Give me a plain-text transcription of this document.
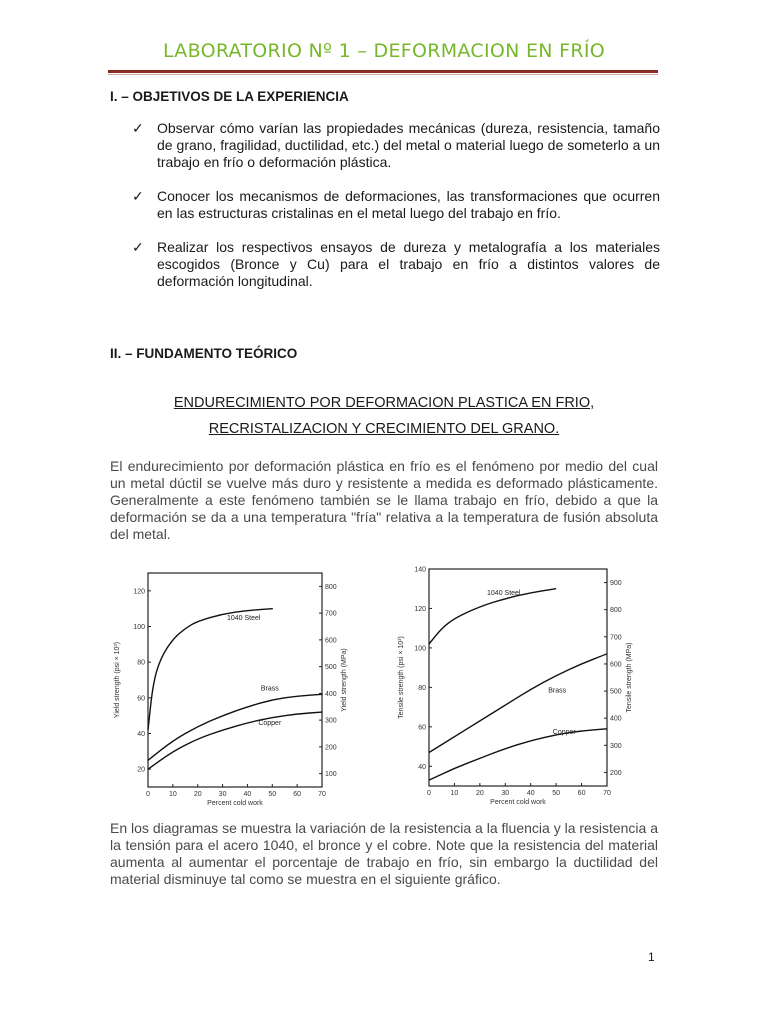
LABORATORIO Nº 1 – DEFORMACION EN FRÍO
I. – OBJETIVOS DE LA EXPERIENCIA
✓ Observar cómo varían las propiedades mecánicas (dureza, resistencia, tamaño de grano, fragilidad, ductilidad, etc.) del metal o material luego de someterlo a un trabajo en frío o deformación plástica.
✓ Conocer los mecanismos de deformaciones, las transformaciones que ocurren en las estructuras cristalinas en el metal luego del trabajo en frío.
✓ Realizar los respectivos ensayos de dureza y metalografía a los materiales escogidos (Bronce y Cu) para el trabajo en frío a distintos valores de deformación longitudinal.
II. – FUNDAMENTO TEÓRICO
ENDURECIMIENTO POR DEFORMACION PLASTICA EN FRIO,
RECRISTALIZACION Y CRECIMIENTO DEL GRANO.
El endurecimiento por deformación plástica en frío es el fenómeno por medio del cual un metal dúctil se vuelve más duro y resistente a medida es deformado plásticamente. Generalmente a este fenómeno también se le llama trabajo en frío, debido a que la deformación se da a una temperatura "fría" relativa a la temperatura de fusión absoluta del metal.
0	10 20 30 40 50 60 70
20
40
60
80
100
120
100
200
300
400
500
600
700
800
Percent cold work
Yield strength (psi × 10³)	Yield strength (MPa)
1040 Steel
Brass
Copper
0	10	20	30	40	50	60	70
40
60
80
100
120
140
200
300
400
500
600
700
800
900
Percent cold work
Tensile strength (psi × 10³)	Tensile strength (MPa)
1040 Steel
Brass
Copper
En los diagramas se muestra la variación de la resistencia a la fluencia y la resistencia a la tensión para el acero 1040, el bronce y el cobre. Note que la resistencia del material aumenta al aumentar el porcentaje de trabajo en frío, sin embargo la ductilidad del material disminuye tal como se muestra en el siguiente gráfico.
1
